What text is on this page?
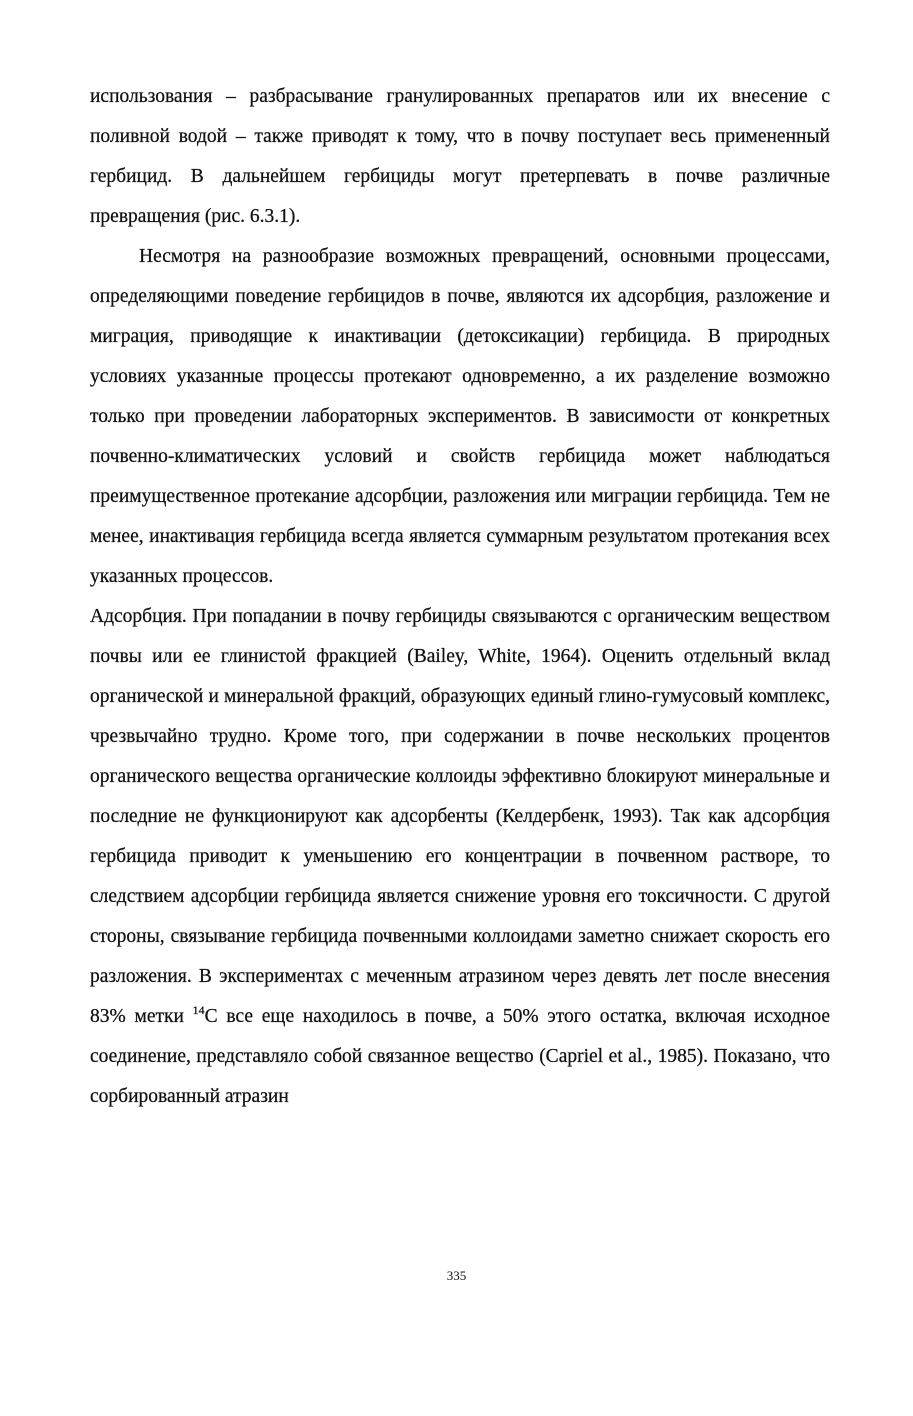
использования – разбрасывание гранулированных препаратов или их внесение с поливной водой – также приводят к тому, что в почву поступает весь примененный гербицид. В дальнейшем гербициды могут претерпевать в почве различные превращения (рис. 6.3.1).

Несмотря на разнообразие возможных превращений, основными процессами, определяющими поведение гербицидов в почве, являются их адсорбция, разложение и миграция, приводящие к инактивации (детоксикации) гербицида. В природных условиях указанные процессы протекают одновременно, а их разделение возможно только при проведении лабораторных экспериментов. В зависимости от конкретных почвенно-климатических условий и свойств гербицида может наблюдаться преимущественное протекание адсорбции, разложения или миграции гербицида. Тем не менее, инактивация гербицида всегда является суммарным результатом протекания всех указанных процессов.

Адсорбция. При попадании в почву гербициды связываются с органическим веществом почвы или ее глинистой фракцией (Bailey, White, 1964). Оценить отдельный вклад органической и минеральной фракций, образующих единый глино-гумусовый комплекс, чрезвычайно трудно. Кроме того, при содержании в почве нескольких процентов органического вещества органические коллоиды эффективно блокируют минеральные и последние не функционируют как адсорбенты (Келдербенк, 1993). Так как адсорбция гербицида приводит к уменьшению его концентрации в почвенном растворе, то следствием адсорбции гербицида является снижение уровня его токсичности. С другой стороны, связывание гербицида почвенными коллоидами заметно снижает скорость его разложения. В экспериментах с меченным атразином через девять лет после внесения 83% метки $^{14}$С все еще находилось в почве, а 50% этого остатка, включая исходное соединение, представляло собой связанное вещество (Capriel et al., 1985). Показано, что сорбированный атразин

335
